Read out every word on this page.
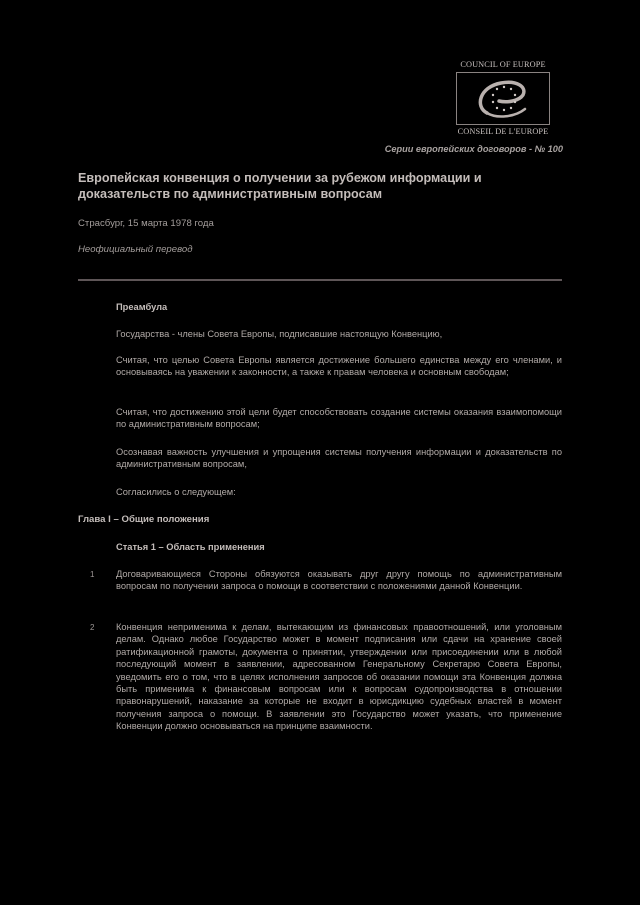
COUNCIL OF EUROPE
CONSEIL DE L'EUROPE
Серии европейских договоров - № 100
Европейская конвенция о получении за рубежом информации и доказательств по административным вопросам
Страсбург, 15 марта 1978 года
Неофициальный перевод
Преамбула
Государства - члены Совета Европы, подписавшие настоящую Конвенцию,
Считая, что целью Совета Европы является достижение большего единства между его членами, и основываясь на уважении к законности, а также к правам человека и основным свободам;
Считая, что достижению этой цели будет способствовать создание системы оказания взаимопомощи по административным вопросам;
Осознавая важность улучшения и упрощения системы получения информации и доказательств по административным вопросам,
Согласились о следующем:
Глава I – Общие положения
Статья 1 – Область применения
1 Договаривающиеся Стороны обязуются оказывать друг другу помощь по административным вопросам по получении запроса о помощи в соответствии с положениями данной Конвенции.
2 Конвенция неприменима к делам, вытекающим из финансовых правоотношений, или уголовным делам. Однако любое Государство может в момент подписания или сдачи на хранение своей ратификационной грамоты, документа о принятии, утверждении или присоединении или в любой последующий момент в заявлении, адресованном Генеральному Секретарю Совета Европы, уведомить его о том, что в целях исполнения запросов об оказании помощи эта Конвенция должна быть применима к финансовым вопросам или к вопросам судопроизводства в отношении правонарушений, наказание за которые не входит в юрисдикцию судебных властей в момент получения запроса о помощи. В заявлении это Государство может указать, что применение Конвенции должно основываться на принципе взаимности.
